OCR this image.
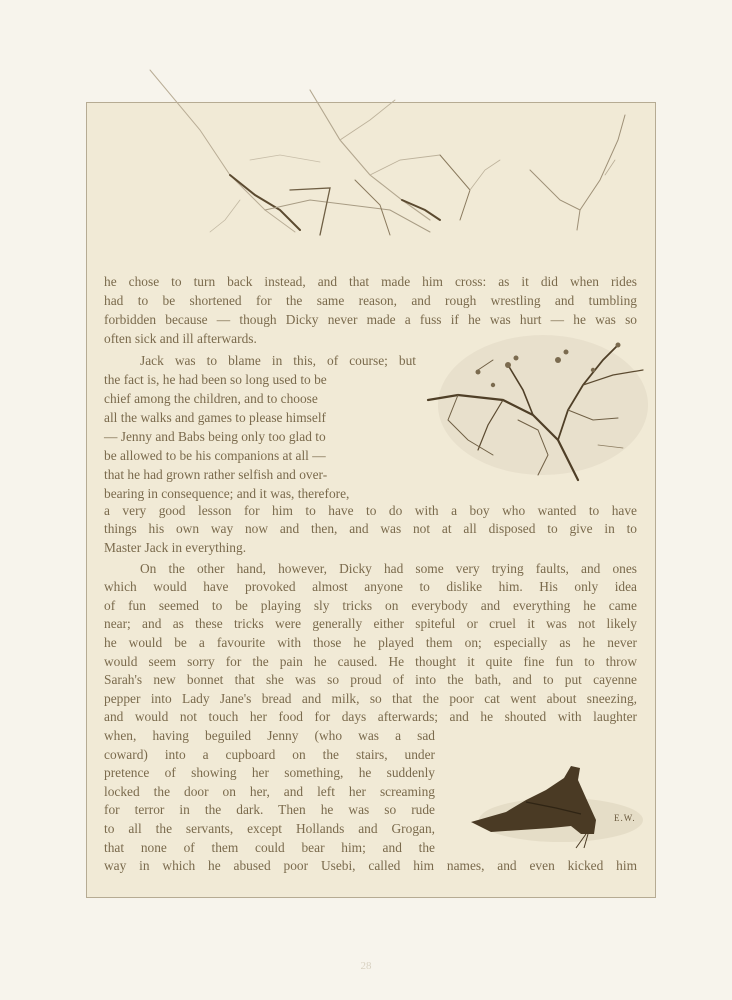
E.W.
he chose to turn back instead, and that made him cross: as it did when rides
had to be shortened for the same reason, and rough wrestling and tumbling
forbidden because — though Dicky never made a fuss if he was hurt — he was so
often sick and ill afterwards.
Jack was to blame in this, of course; but
the fact is, he had been so long used to be
chief among the children, and to choose
all the walks and games to please himself
— Jenny and Babs being only too glad to
be allowed to be his companions at all —
that he had grown rather selfish and over-
bearing in consequence; and it was, therefore,
a very good lesson for him to have to do with a boy who wanted to have
things his own way now and then, and was not at all disposed to give in to
Master Jack in everything.
On the other hand, however, Dicky had some very trying faults, and ones
which would have provoked almost anyone to dislike him. His only idea
of fun seemed to be playing sly tricks on everybody and everything he came
near; and as these tricks were generally either spiteful or cruel it was not likely
he would be a favourite with those he played them on; especially as he never
would seem sorry for the pain he caused. He thought it quite fine fun to throw
Sarah's new bonnet that she was so proud of into the bath, and to put cayenne
pepper into Lady Jane's bread and milk, so that the poor cat went about sneezing,
and would not touch her food for days afterwards; and he shouted with laughter
when, having beguiled Jenny (who was a sad
coward) into a cupboard on the stairs, under
pretence of showing her something, he suddenly
locked the door on her, and left her screaming
for terror in the dark. Then he was so rude
to all the servants, except Hollands and Grogan,
that none of them could bear him; and the
way in which he abused poor Usebi, called him names, and even kicked him
28
